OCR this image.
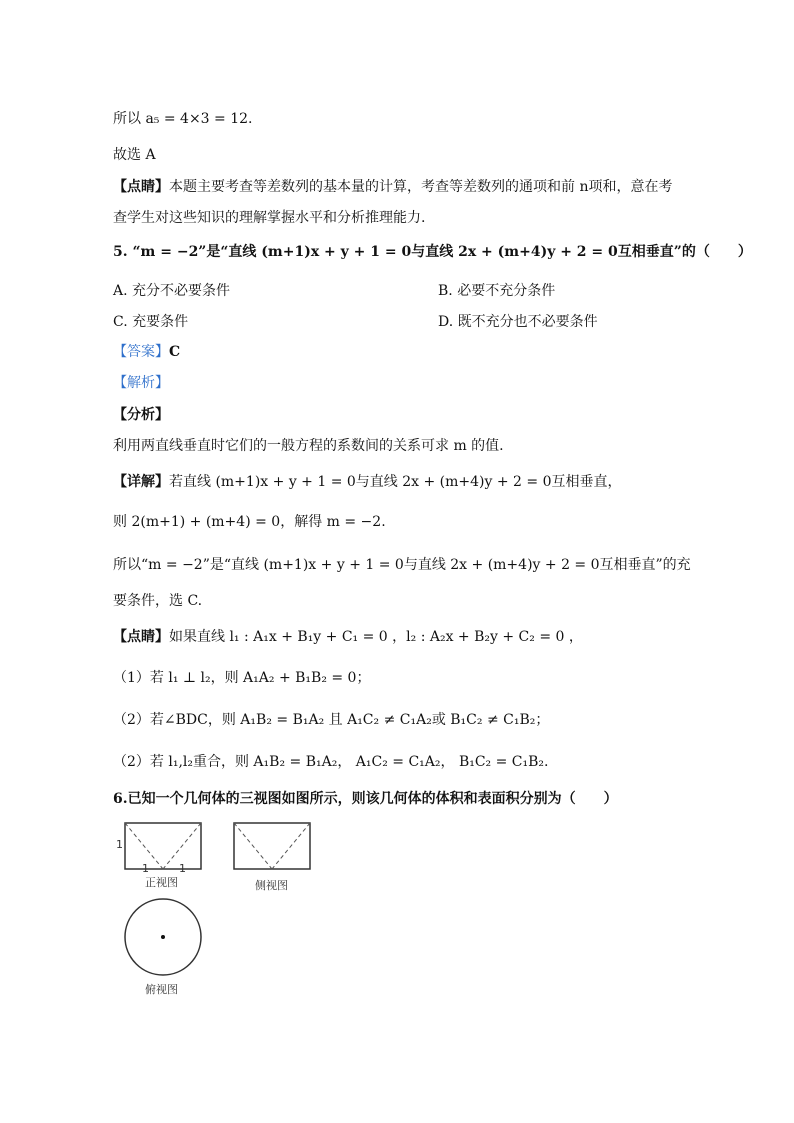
所以 a₅ = 4×3 = 12.
故选 A
【点睛】本题主要考查等差数列的基本量的计算，考查等差数列的通项和前 n项和，意在考
查学生对这些知识的理解掌握水平和分析推理能力.
5. “m = −2”是“直线 (m+1)x + y + 1 = 0与直线 2x + (m+4)y + 2 = 0互相垂直”的（　　）
A. 充分不必要条件	B. 必要不充分条件
C. 充要条件	D. 既不充分也不必要条件
【答案】C
【解析】
【分析】
利用两直线垂直时它们的一般方程的系数间的关系可求 m 的值.
【详解】若直线 (m+1)x + y + 1 = 0与直线 2x + (m+4)y + 2 = 0互相垂直，
则 2(m+1) + (m+4) = 0，解得 m = −2.
所以“m = −2”是“直线 (m+1)x + y + 1 = 0与直线 2x + (m+4)y + 2 = 0互相垂直”的充
要条件，选 C.
【点睛】如果直线 l₁ : A₁x + B₁y + C₁ = 0 ，l₂ : A₂x + B₂y + C₂ = 0 ，
（1）若 l₁ ⊥ l₂，则 A₁A₂ + B₁B₂ = 0；
（2）若∠BDC，则 A₁B₂ = B₁A₂ 且 A₁C₂ ≠ C₁A₂或 B₁C₂ ≠ C₁B₂；
（2）若 l₁,l₂重合，则 A₁B₂ = B₁A₂， A₁C₂ = C₁A₂， B₁C₂ = C₁B₂.
6.已知一个几何体的三视图如图所示，则该几何体的体积和表面积分别为（　　）
1
1	1
正视图	侧视图
俯视图
